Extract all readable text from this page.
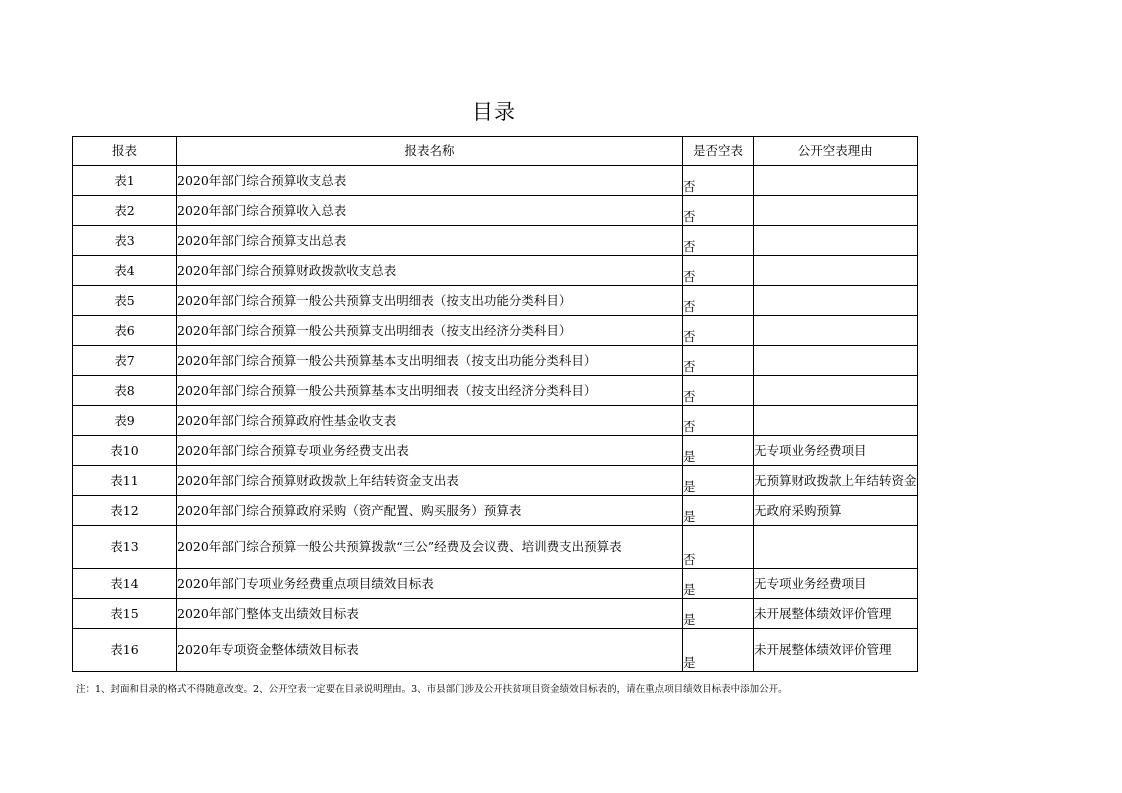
目录
报表	报表名称	是否空表	公开空表理由
表1	2020年部门综合预算收支总表	否	
表2	2020年部门综合预算收入总表	否	
表3	2020年部门综合预算支出总表	否	
表4	2020年部门综合预算财政拨款收支总表	否	
表5	2020年部门综合预算一般公共预算支出明细表（按支出功能分类科目）	否	
表6	2020年部门综合预算一般公共预算支出明细表（按支出经济分类科目）	否	
表7	2020年部门综合预算一般公共预算基本支出明细表（按支出功能分类科目）	否	
表8	2020年部门综合预算一般公共预算基本支出明细表（按支出经济分类科目）	否	
表9	2020年部门综合预算政府性基金收支表	否	
表10	2020年部门综合预算专项业务经费支出表	是	无专项业务经费项目
表11	2020年部门综合预算财政拨款上年结转资金支出表	是	无预算财政拨款上年结转资金
表12	2020年部门综合预算政府采购（资产配置、购买服务）预算表	是	无政府采购预算
表13	2020年部门综合预算一般公共预算拨款“三公”经费及会议费、培训费支出预算表	否	
表14	2020年部门专项业务经费重点项目绩效目标表	是	无专项业务经费项目
表15	2020年部门整体支出绩效目标表	是	未开展整体绩效评价管理
表16	2020年专项资金整体绩效目标表	是	未开展整体绩效评价管理
注：1、封面和目录的格式不得随意改变。2、公开空表一定要在目录说明理由。3、市县部门涉及公开扶贫项目资金绩效目标表的，请在重点项目绩效目标表中添加公开。
